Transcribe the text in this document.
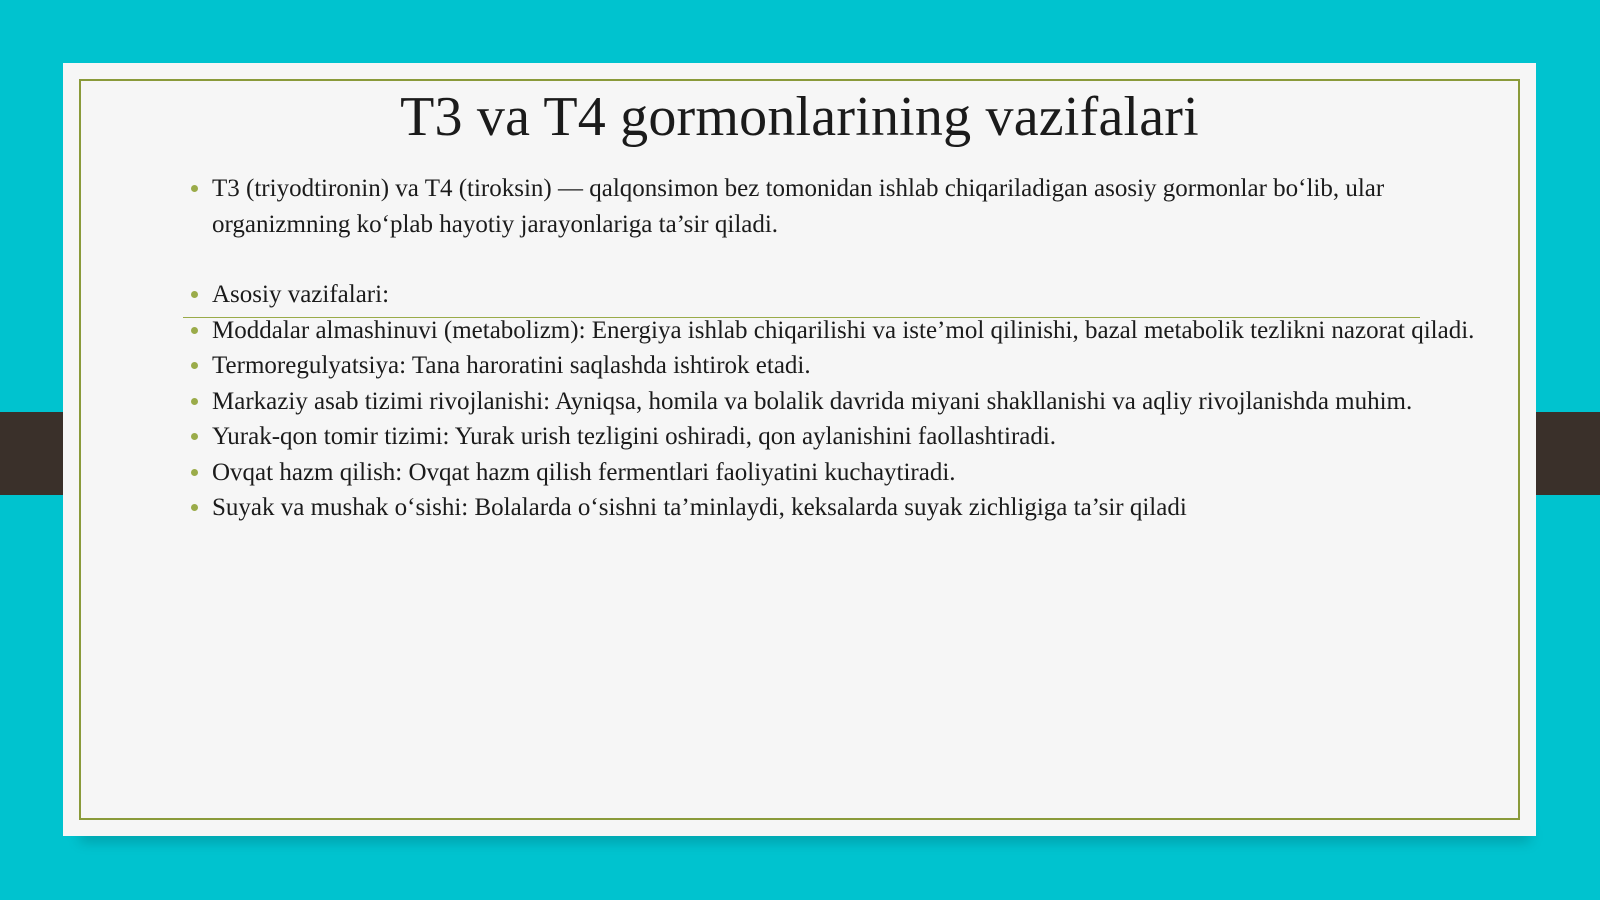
T3 va T4 gormonlarining vazifalari
T3 (triyodtironin) va T4 (tiroksin) — qalqonsimon bez tomonidan ishlab chiqariladigan asosiy gormonlar bo‘lib, ular organizmning ko‘plab hayotiy jarayonlariga ta’sir qiladi.
Asosiy vazifalari:
Moddalar almashinuvi (metabolizm): Energiya ishlab chiqarilishi va iste’mol qilinishi, bazal metabolik tezlikni nazorat qiladi.
Termoregulyatsiya: Tana haroratini saqlashda ishtirok etadi.
Markaziy asab tizimi rivojlanishi: Ayniqsa, homila va bolalik davrida miyani shakllanishi va aqliy rivojlanishda muhim.
Yurak-qon tomir tizimi: Yurak urish tezligini oshiradi, qon aylanishini faollashtiradi.
Ovqat hazm qilish: Ovqat hazm qilish fermentlari faoliyatini kuchaytiradi.
Suyak va mushak o‘sishi: Bolalarda o‘sishni ta’minlaydi, keksalarda suyak zichligiga ta’sir qiladi
